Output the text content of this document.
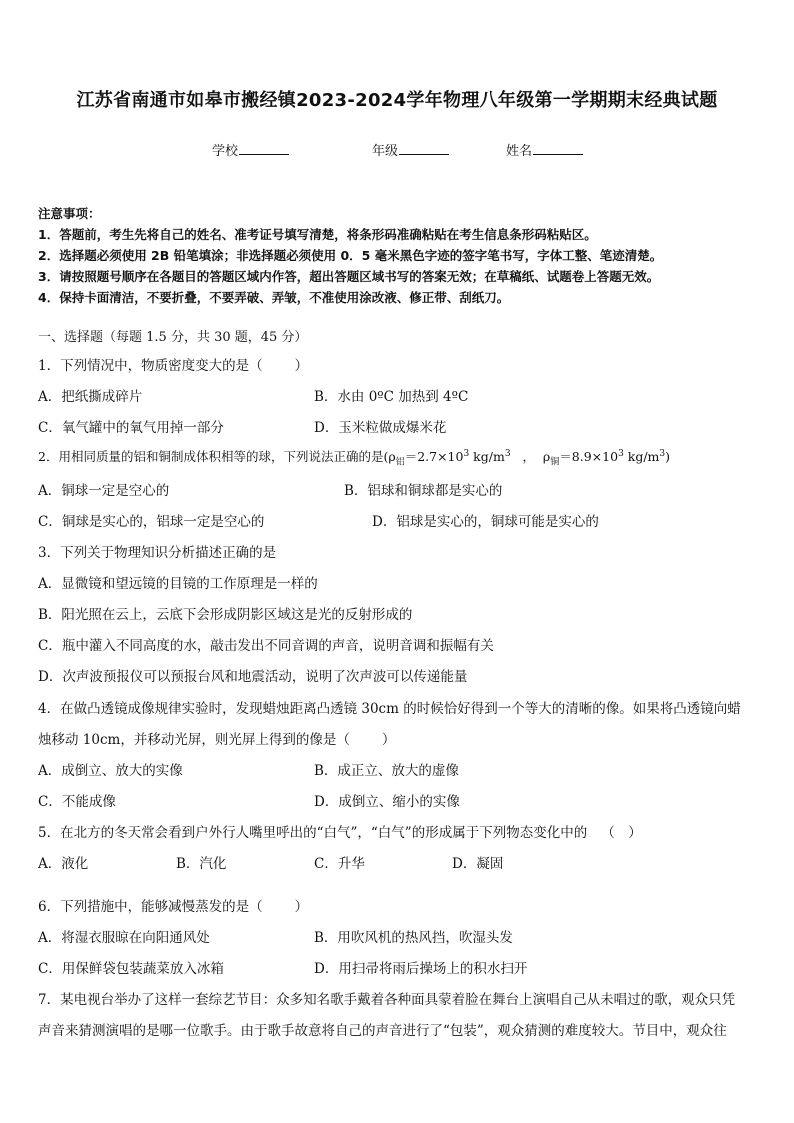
江苏省南通市如皋市搬经镇2023-2024学年物理八年级第一学期期末经典试题
学校	年级	姓名
注意事项：
1．答题前，考生先将自己的姓名、准考证号填写清楚，将条形码准确粘贴在考生信息条形码粘贴区。
2．选择题必须使用 2B 铅笔填涂；非选择题必须使用 0．5 毫米黑色字迹的签字笔书写，字体工整、笔迹清楚。
3．请按照题号顺序在各题目的答题区域内作答，超出答题区域书写的答案无效；在草稿纸、试题卷上答题无效。
4．保持卡面清洁，不要折叠，不要弄破、弄皱，不准使用涂改液、修正带、刮纸刀。
一、选择题（每题 1.5 分，共 30 题，45 分）
1．下列情况中，物质密度变大的是（ ）
A．把纸撕成碎片	B．水由 0ºC 加热到 4ºC
C．氧气罐中的氧气用掉一部分	D．玉米粒做成爆米花
2．用相同质量的铝和铜制成体积相等的球，下列说法正确的是($\rho_铝=2.7\times 10^3$ $kg/m^3$   ，  $\rho_铜=8.9\times 10^3$ $kg/m^3$)
A．铜球一定是空心的	B．铝球和铜球都是实心的
C．铜球是实心的，铝球一定是空心的	D．铝球是实心的，铜球可能是实心的
3．下列关于物理知识分析描述正确的是
A．显微镜和望远镜的目镜的工作原理是一样的
B．阳光照在云上，云底下会形成阴影区域这是光的反射形成的
C．瓶中灌入不同高度的水，敲击发出不同音调的声音，说明音调和振幅有关
D．次声波预报仪可以预报台风和地震活动，说明了次声波可以传递能量
4．在做凸透镜成像规律实验时，发现蜡烛距离凸透镜 30cm 的时候恰好得到一个等大的清晰的像。如果将凸透镜向蜡
烛移动 10cm，并移动光屏，则光屏上得到的像是（ ）
A．成倒立、放大的实像	B．成正立、放大的虚像
C．不能成像	D．成倒立、缩小的实像
5．在北方的冬天常会看到户外行人嘴里呼出的“白气”，“白气”的形成属于下列物态变化中的 （　）
A．液化	B．汽化	C．升华	D．凝固
6．下列措施中，能够减慢蒸发的是（ ）
A．将湿衣服晾在向阳通风处	B．用吹风机的热风挡，吹湿头发
C．用保鲜袋包装蔬菜放入冰箱	D．用扫帚将雨后操场上的积水扫开
7．某电视台举办了这样一套综艺节目：众多知名歌手戴着各种面具蒙着脸在舞台上演唱自己从未唱过的歌，观众只凭
声音来猜测演唱的是哪一位歌手。由于歌手故意将自己的声音进行了“包装”，观众猜测的难度较大。节目中，观众往
